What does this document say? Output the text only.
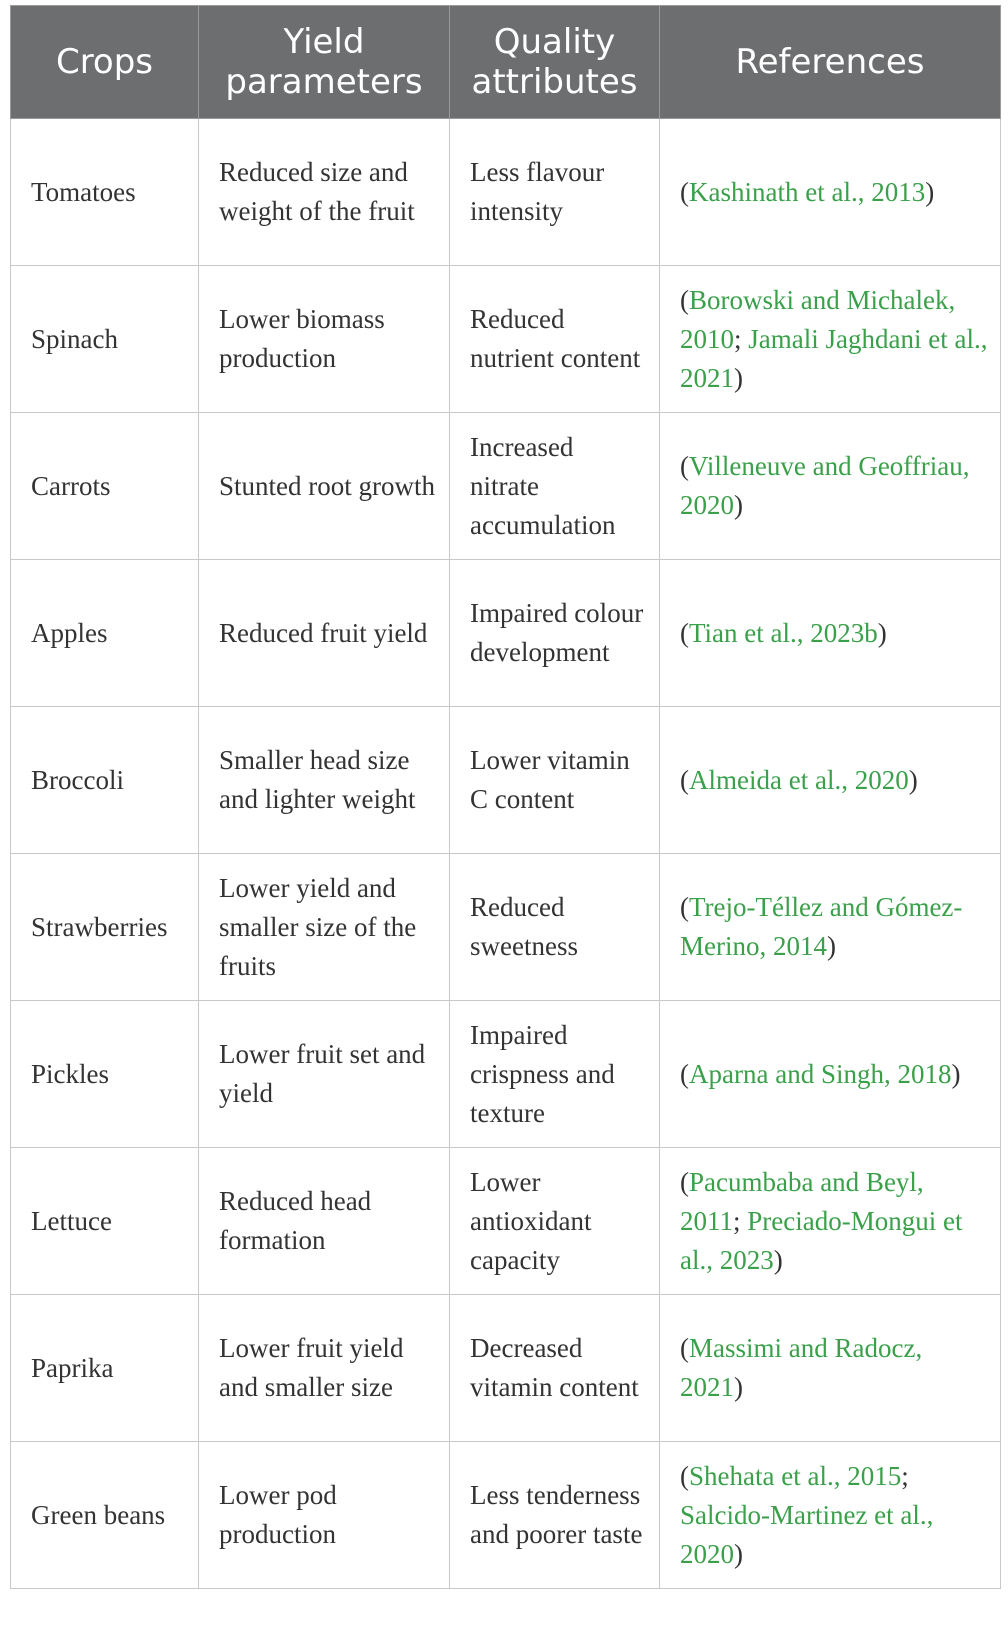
Crops	Yield parameters	Quality attributes	References
Tomatoes	Reduced size and weight of the fruit	Less flavour intensity	(Kashinath et al., 2013)

Spinach	Lower biomass production	Reduced nutrient content	(Borowski and Michalek, 2010; Jamali Jaghdani et al., 2021)

Carrots	Stunted root growth	Increased nitrate accumulation	(Villeneuve and Geoffriau, 2020)

Apples	Reduced fruit yield	Impaired colour development	(Tian et al., 2023b)

Broccoli	Smaller head size and lighter weight	Lower vitamin C content	(Almeida et al., 2020)

Strawberries	Lower yield and smaller size of the fruits	Reduced sweetness	(Trejo-Téllez and Gómez-Merino, 2014)

Pickles	Lower fruit set and yield	Impaired crispness and texture	(Aparna and Singh, 2018)

Lettuce	Reduced head formation	Lower antioxidant capacity	(Pacumbaba and Beyl, 2011; Preciado-Mongui et al., 2023)

Paprika	Lower fruit yield and smaller size	Decreased vitamin content	(Massimi and Radocz, 2021)

Green beans	Lower pod production	Less tenderness and poorer taste	(Shehata et al., 2015; Salcido-Martinez et al., 2020)
